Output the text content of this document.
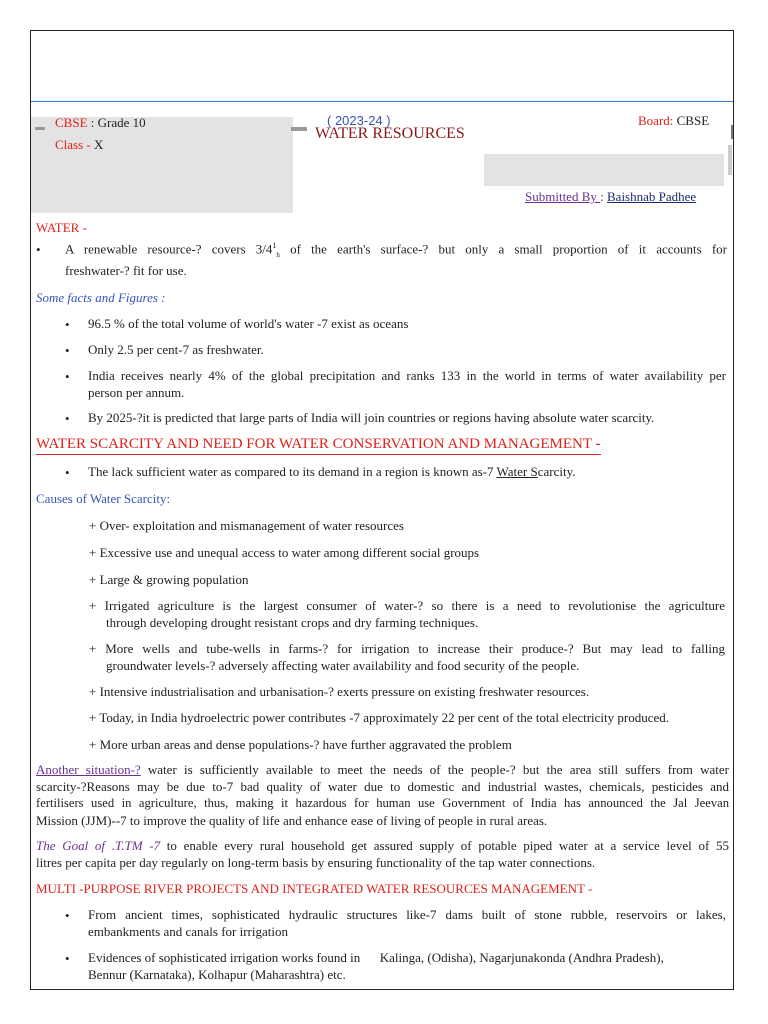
CBSE : Grade 10
Class - X
( 2023-24 )
WATER RESOURCES
Board: CBSE
Submitted By : Baishnab Padhee
WATER -
• A renewable resource-? covers $3/4^1_h$ of the earth's surface-? but only a small proportion of it accounts for
freshwater-? fit for use.
Some facts and Figures :
• 96.5 % of the total volume of world's water -7 exist as oceans
• Only 2.5 per cent-7 as freshwater.
• India receives nearly 4% of the global precipitation and ranks 133 in the world in terms of water availability per
person per annum.
• By 2025-?it is predicted that large parts of India will join countries or regions having absolute water scarcity.
WATER SCARCITY AND NEED FOR WATER CONSERVATION AND MANAGEMENT -
• The lack sufficient water as compared to its demand in a region is known as-7 Water Scarcity.
Causes of Water Scarcity:
+ Over- exploitation and mismanagement of water resources
+ Excessive use and unequal access to water among different social groups
+ Large & growing population
+ Irrigated agriculture is the largest consumer of water-? so there is a need to revolutionise the agriculture
through developing drought resistant crops and dry farming techniques.
+ More wells and tube-wells in farms-? for irrigation to increase their produce-? But may lead to falling
groundwater levels-? adversely affecting water availability and food security of the people.
+ Intensive industrialisation and urbanisation-? exerts pressure on existing freshwater resources.
+ Today, in India hydroelectric power contributes -7 approximately 22 per cent of the total electricity produced.
+ More urban areas and dense populations-? have further aggravated the problem
Another situation-? water is sufficiently available to meet the needs of the people-? but the area still suffers from water
scarcity-?Reasons may be due to-7 bad quality of water due to domestic and industrial wastes, chemicals, pesticides and
fertilisers used in agriculture, thus, making it hazardous for human use Government of India has announced the Jal Jeevan
Mission (JJM)--7 to improve the quality of life and enhance ease of living of people in rural areas.
The Goal of .T.TM -7 to enable every rural household get assured supply of potable piped water at a service level of 55
litres per capita per day regularly on long-term basis by ensuring functionality of the tap water connections.
MULTI -PURPOSE RIVER PROJECTS AND INTEGRATED WATER RESOURCES MANAGEMENT -
• From ancient times, sophisticated hydraulic structures like-7 dams built of stone rubble, reservoirs or lakes,
embankments and canals for irrigation
• Evidences of sophisticated irrigation works found in      Kalinga, (Odisha), Nagarjunakonda (Andhra Pradesh),
Bennur (Karnataka), Kolhapur (Maharashtra) etc.
